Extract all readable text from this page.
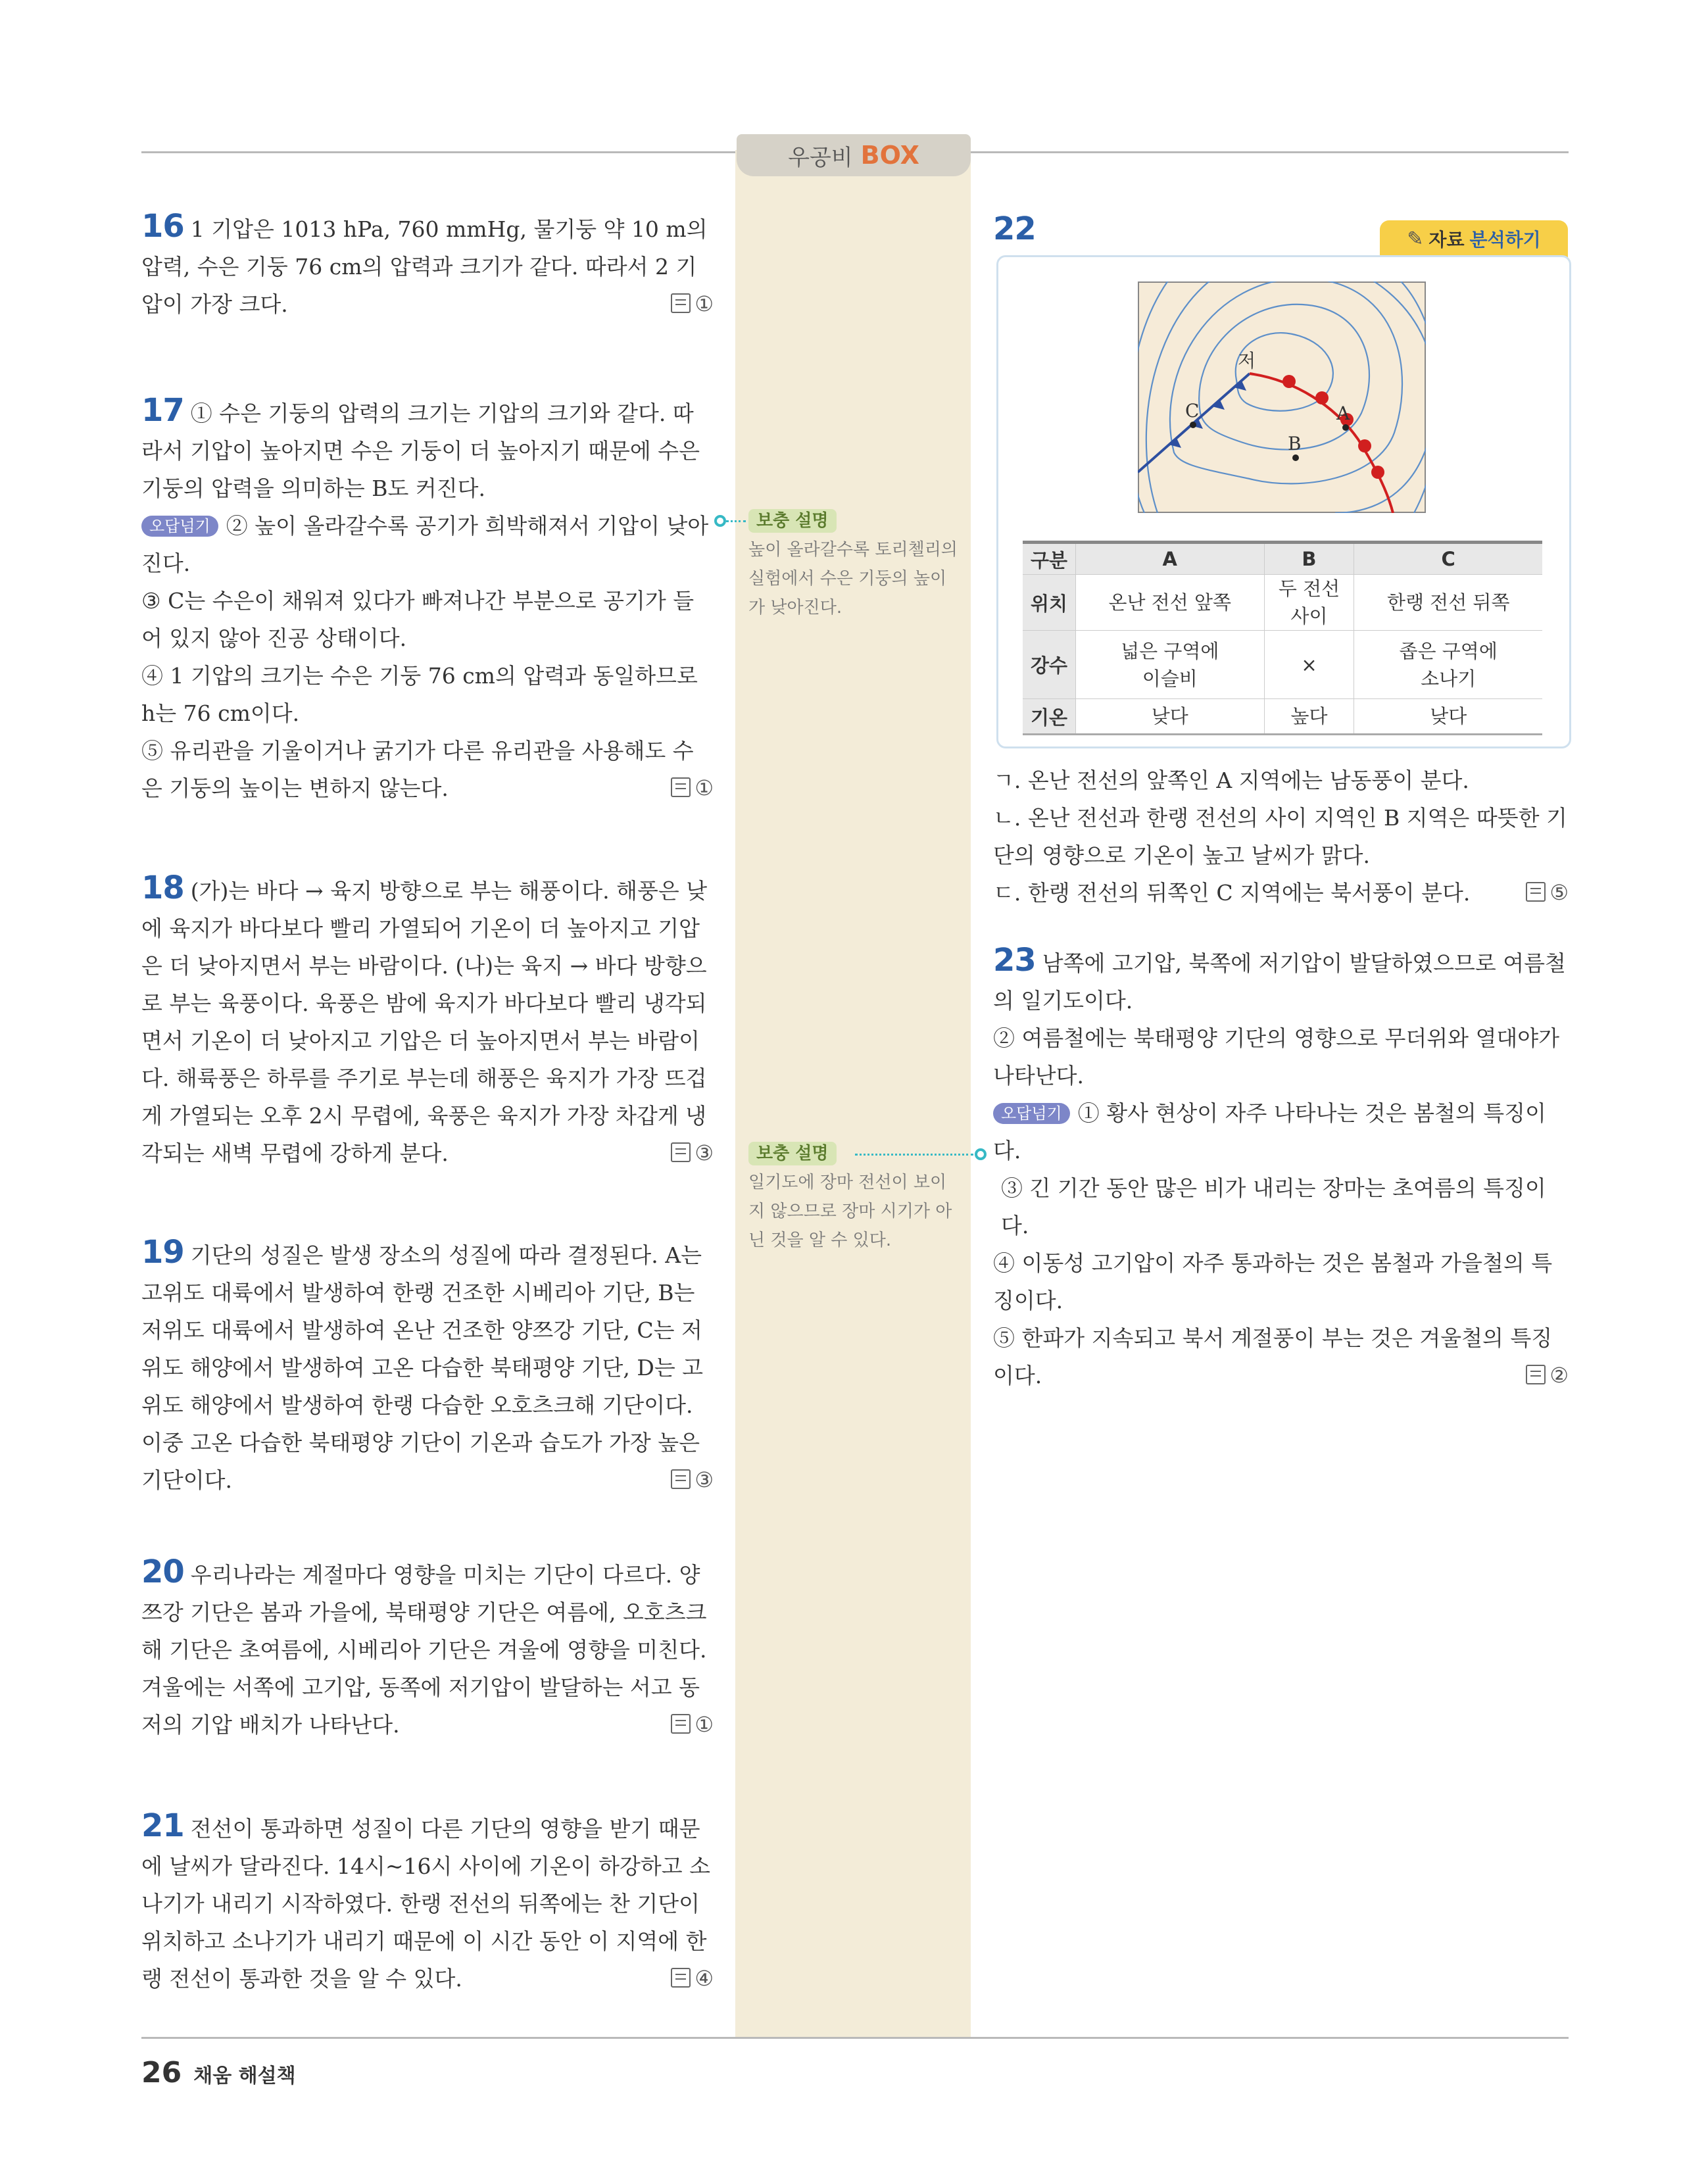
우공비 BOX
16 1 기압은 1013 hPa, 760 mmHg, 물기둥 약 10 m의 압력, 수은 기둥 76 cm의 압력과 크기가 같다. 따라서 2 기압이 가장 크다.	①
17 ① 수은 기둥의 압력의 크기는 기압의 크기와 같다. 따라서 기압이 높아지면 수은 기둥이 더 높아지기 때문에 수은 기둥의 압력을 의미하는 B도 커진다.
오답넘기 ② 높이 올라갈수록 공기가 희박해져서 기압이 낮아진다.
③ C는 수은이 채워져 있다가 빠져나간 부분으로 공기가 들어 있지 않아 진공 상태이다.
④ 1 기압의 크기는 수은 기둥 76 cm의 압력과 동일하므로 h는 76 cm이다.
⑤ 유리관을 기울이거나 굵기가 다른 유리관을 사용해도 수은 기둥의 높이는 변하지 않는다.	①
보충 설명
높이 올라갈수록 토리첼리의 실험에서 수은 기둥의 높이가 낮아진다.
18 (가)는 바다 → 육지 방향으로 부는 해풍이다. 해풍은 낮에 육지가 바다보다 빨리 가열되어 기온이 더 높아지고 기압은 더 낮아지면서 부는 바람이다. (나)는 육지 → 바다 방향으로 부는 육풍이다. 육풍은 밤에 육지가 바다보다 빨리 냉각되면서 기온이 더 낮아지고 기압은 더 높아지면서 부는 바람이다. 해륙풍은 하루를 주기로 부는데 해풍은 육지가 가장 뜨겁게 가열되는 오후 2시 무렵에, 육풍은 육지가 가장 차갑게 냉각되는 새벽 무렵에 강하게 분다.	③	보충 설명
일기도에 장마 전선이 보이지 않으므로 장마 시기가 아닌 것을 알 수 있다.
19 기단의 성질은 발생 장소의 성질에 따라 결정된다. A는 고위도 대륙에서 발생하여 한랭 건조한 시베리아 기단, B는 저위도 대륙에서 발생하여 온난 건조한 양쯔강 기단, C는 저위도 해양에서 발생하여 고온 다습한 북태평양 기단, D는 고위도 해양에서 발생하여 한랭 다습한 오호츠크해 기단이다. 이중 고온 다습한 북태평양 기단이 기온과 습도가 가장 높은 기단이다.	③
20 우리나라는 계절마다 영향을 미치는 기단이 다르다. 양쯔강 기단은 봄과 가을에, 북태평양 기단은 여름에, 오호츠크해 기단은 초여름에, 시베리아 기단은 겨울에 영향을 미친다. 겨울에는 서쪽에 고기압, 동쪽에 저기압이 발달하는 서고 동저의 기압 배치가 나타난다.	①
21 전선이 통과하면 성질이 다른 기단의 영향을 받기 때문에 날씨가 달라진다. 14시~16시 사이에 기온이 하강하고 소나기가 내리기 시작하였다. 한랭 전선의 뒤쪽에는 찬 기단이 위치하고 소나기가 내리기 때문에 이 시간 동안 이 지역에 한랭 전선이 통과한 것을 알 수 있다.	④
22	✎ 자료 분석하기
저
A
B
C
구분	A	B	C
위치	온난 전선 앞쪽	두 전선 사이	한랭 전선 뒤쪽
강수	넓은 구역에 이슬비	×	좁은 구역에 소나기
기온	낮다	높다	낮다
ㄱ. 온난 전선의 앞쪽인 A 지역에는 남동풍이 분다.
ㄴ. 온난 전선과 한랭 전선의 사이 지역인 B 지역은 따뜻한 기단의 영향으로 기온이 높고 날씨가 맑다.
ㄷ. 한랭 전선의 뒤쪽인 C 지역에는 북서풍이 분다.	⑤
23 남쪽에 고기압, 북쪽에 저기압이 발달하였으므로 여름철의 일기도이다.
② 여름철에는 북태평양 기단의 영향으로 무더위와 열대야가 나타난다.
오답넘기 ① 황사 현상이 자주 나타나는 것은 봄철의 특징이다.
③ 긴 기간 동안 많은 비가 내리는 장마는 초여름의 특징이다.
④ 이동성 고기압이 자주 통과하는 것은 봄철과 가을철의 특징이다.
⑤ 한파가 지속되고 북서 계절풍이 부는 것은 겨울철의 특징이다.	②
26 채움 해설책
